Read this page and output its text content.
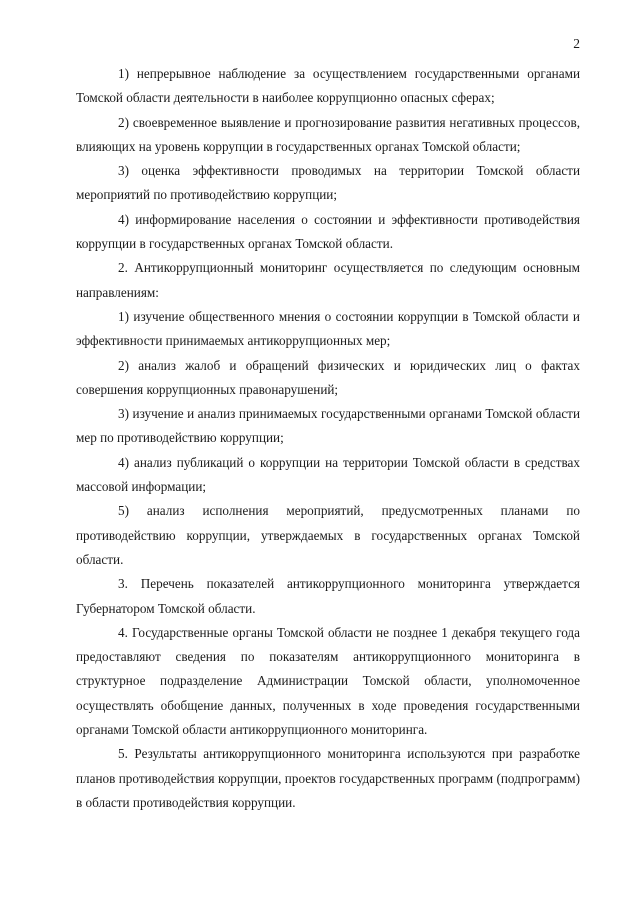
2

1) непрерывное наблюдение за осуществлением государственными органами Томской области деятельности в наиболее коррупционно опасных сферах;

2) своевременное выявление и прогнозирование развития негативных процессов, влияющих на уровень коррупции в государственных органах Томской области;

3) оценка эффективности проводимых на территории Томской области мероприятий по противодействию коррупции;

4) информирование населения о состоянии и эффективности противодействия коррупции в государственных органах Томской области.

2. Антикоррупционный мониторинг осуществляется по следующим основным направлениям:

1) изучение общественного мнения о состоянии коррупции в Томской области и эффективности принимаемых антикоррупционных мер;

2) анализ жалоб и обращений физических и юридических лиц о фактах совершения коррупционных правонарушений;

3) изучение и анализ принимаемых государственными органами Томской области мер по противодействию коррупции;

4) анализ публикаций о коррупции на территории Томской области в средствах массовой информации;

5) анализ исполнения мероприятий, предусмотренных планами по противодействию коррупции, утверждаемых в государственных органах Томской области.

3. Перечень показателей антикоррупционного мониторинга утверждается Губернатором Томской области.

4. Государственные органы Томской области не позднее 1 декабря текущего года предоставляют сведения по показателям антикоррупционного мониторинга в структурное подразделение Администрации Томской области, уполномоченное осуществлять обобщение данных, полученных в ходе проведения государственными органами Томской области антикоррупционного мониторинга.

5. Результаты антикоррупционного мониторинга используются при разработке планов противодействия коррупции, проектов государственных программ (подпрограмм) в области противодействия коррупции.
